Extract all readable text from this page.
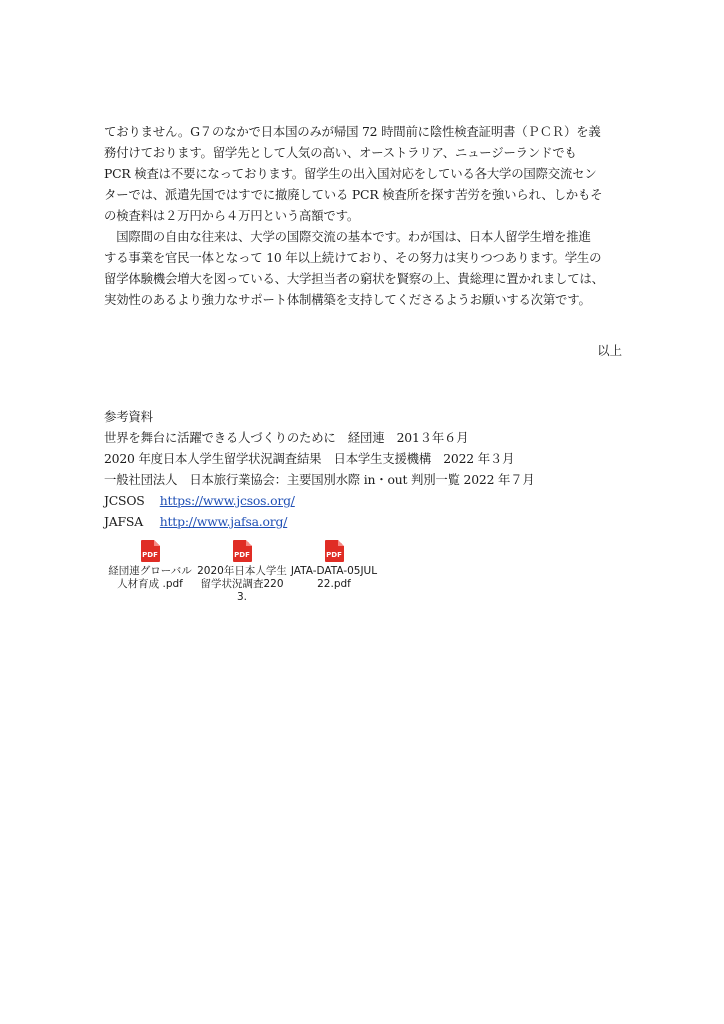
ておりません。G７のなかで日本国のみが帰国 72 時間前に陰性検査証明書（ＰＣＲ）を義

務付けております。留学先として人気の高い、オーストラリア、ニュージーランドでも

PCR 検査は不要になっております。留学生の出入国対応をしている各大学の国際交流セン

ターでは、派遣先国ではすでに撤廃している PCR 検査所を探す苦労を強いられ、しかもそ

の検査料は２万円から４万円という高額です。

　国際間の自由な往来は、大学の国際交流の基本です。わが国は、日本人留学生増を推進

する事業を官民一体となって 10 年以上続けており、その努力は実りつつあります。学生の

留学体験機会増大を図っている、大学担当者の窮状を賢察の上、貴総理に置かれましては、

実効性のあるより強力なサポート体制構築を支持してくださるようお願いする次第です。

以上

参考資料

世界を舞台に活躍できる人づくりのために　経団連　201３年６月

2020 年度日本人学生留学状況調査結果　日本学生支援機構　2022 年３月

一般社団法人　日本旅行業協会：主要国別水際 in・out 判別一覧 2022 年７月

JCSOS https://www.jcsos.org/

JAFSA http://www.jafsa.org/

PDF
経団連グローバル人材育成 .pdf
PDF
2020年日本人学生留学状況調査2203.
PDF
JATA-DATA-05JUL22.pdf
